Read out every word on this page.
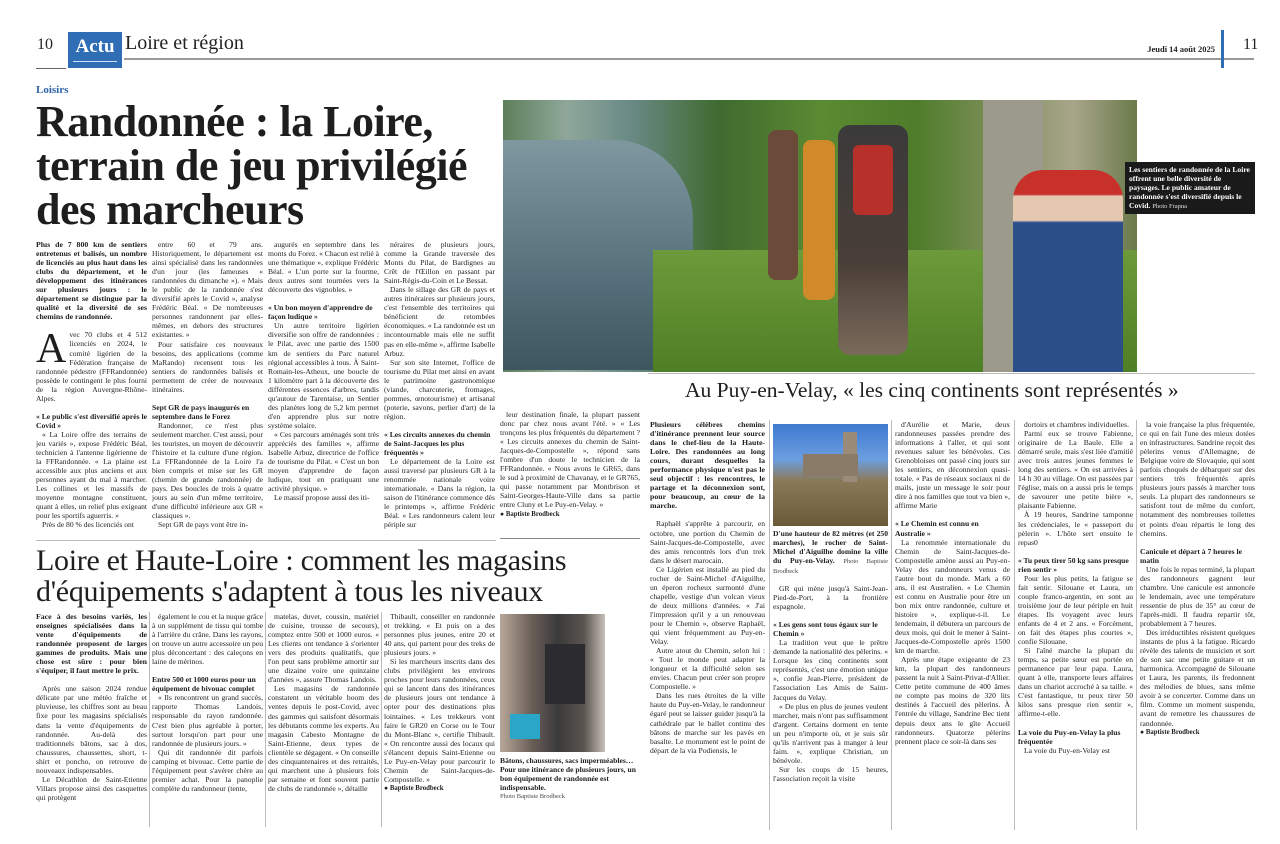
10	Actu Loire et région	Jeudi 14 août 2025 11
Loisirs
Randonnée : la Loire,
terrain de jeu privilégié
des marcheurs
Les sentiers de randonnée de la Loire offrent une belle diversité de paysages. Le public amateur de randonnée s'est diversifié depuis le Covid. Photo Frapna

Plus de 7 800 km de sentiers entretenus et balisés, un nombre de licenciés au plus haut dans les clubs du département, et le développement des itinérances sur plusieurs jours : le département se distingue par la qualité et la diversité de ses chemins de randonnée.

Avec 70 clubs et 4 512 licenciés en 2024, le comité ligérien de la Fédération française de randonnée pédestre (FFRandonnée) possède le contingent le plus fourni de la région Auvergne-Rhône-Alpes.

« Le public s'est diversifié après le Covid »

« La Loire offre des terrains de jeu variés », expose Frédéric Béal, technicien à l'antenne ligérienne de la FFRandonnée. « La plaine est accessible aux plus anciens et aux personnes ayant du mal à marcher. Les collines et les massifs de moyenne montagne constituent, quant à elles, un relief plus exigeant pour les sportifs aguerris. »

Près de 80 % des licenciés ont

entre 60 et 79 ans. Historiquement, le département est ainsi spécialisé dans les randonnées d'un jour (les fameuses « randonnées du dimanche »). « Mais le public de la randonnée s'est diversifié après le Covid », analyse Frédéric Béal. « De nombreuses personnes randonnent par elles-mêmes, en dehors des structures existantes. »

Pour satisfaire ces nouveaux besoins, des applications (comme MaRando) recensent tous les sentiers de randonnées balisés et permettent de créer de nouveaux itinéraires.

Sept GR de pays inaugurés en septembre dans le Forez

Randonner, ce n'est plus seulement marcher. C'est aussi, pour les touristes, un moyen de découvrir l'histoire et la culture d'une région. La FFRandonnée de la Loire l'a bien compris et mise sur les GR (chemin de grande randonnée) de pays. Des boucles de trois à quatre jours au sein d'un même territoire, d'une difficulté inférieure aux GR « classiques ».

Sept GR de pays vont être in-

augurés en septembre dans les monts du Forez. « Chacun est relié à une thématique », explique Frédéric Béal. « L'un porte sur la fourme, deux autres sont tournées vers la découverte des vignobles. »

« Un bon moyen d'apprendre de façon ludique »

Un autre territoire ligérien diversifie son offre de randonnées : le Pilat, avec une partie des 1500 km de sentiers du Parc naturel régional accessibles à tous. À Saint-Romain-les-Atheux, une boucle de 1 kilomètre part à la découverte des différentes essences d'arbres, tandis qu'autour de Tarentaise, un Sentier des planètes long de 5,2 km permet d'en apprendre plus sur notre système solaire.

« Ces parcours aménagés sont très appréciés des familles », affirme Isabelle Arbuz, directrice de l'office de tourisme du Pilat. « C'est un bon moyen d'apprendre de façon ludique, tout en pratiquant une activité physique. »

Le massif propose aussi des iti-

néraires de plusieurs jours, comme la Grande traversée des Monts du Pilat, de Bardignes au Crêt de l'Œillon en passant par Saint-Régis-du-Coin et Le Bessat.

Dans le sillage des GR de pays et autres itinéraires sur plusieurs jours, c'est l'ensemble des territoires qui bénéficient de retombées économiques. « La randonnée est un incontournable mais elle ne suffit pas en elle-même », affirme Isabelle Arbuz.

Sur son site Internet, l'office de tourisme du Pilat met ainsi en avant le patrimoine gastronomique (viande, charcuterie, fromages, pommes, œnotourisme) et artisanal (poterie, savons, perlier d'art) de la région.

« Les circuits annexes du chemin de Saint-Jacques les plus fréquentés »

Le département de la Loire est aussi traversé par plusieurs GR à la renommée nationale voire internationale. « Dans la région, la saison de l'itinérance commence dès le printemps », affirme Frédéric Béal. « Les randonneurs calent leur périple sur

leur destination finale, la plupart passent donc par chez nous avant l'été. » « Les tronçons les plus fréquentés du département ? « Les circuits annexes du chemin de Saint-Jacques-de-Compostelle », répond sans l'ombre d'un doute le technicien de la FFRandonnée. « Nous avons le GR65, dans le sud à proximité de Chavanay, et le GR765, qui passe notamment par Montbrison et Saint-Georges-Haute-Ville dans sa partie entre Cluny et Le Puy-en-Velay. »

● Baptiste Brodbeck

Loire et Haute-Loire : comment les magasins
d'équipements s'adaptent à tous les niveaux

Face à des besoins variés, les enseignes spécialisées dans la vente d'équipements de randonnée proposent de larges gammes de produits. Mais une chose est sûre : pour bien s'équiper, il faut mettre le prix.

Après une saison 2024 rendue délicate par une météo fraîche et pluvieuse, les chiffres sont au beau fixe pour les magasins spécialisés dans la vente d'équipements de randonnée. Au-delà des traditionnels bâtons, sac à dos, chaussures, chaussettes, short, t-shirt et poncho, on retrouve de nouveaux indispensables.

Le Décathlon de Saint-Etienne Villars propose ainsi des casquettes qui protègent

également le cou et la nuque grâce à un supplément de tissu qui tombe à l'arrière du crâne. Dans les rayons, on trouve un autre accessoire un peu plus déconcertant : des caleçons en laine de mérinos.

Entre 500 et 1000 euros pour un équipement de bivouac complet

« Ils rencontrent un grand succès, rapporte Thomas Landois, responsable du rayon randonnée. C'est bien plus agréable à porter, surtout lorsqu'on part pour une randonnée de plusieurs jours. »

Qui dit randonnée dit parfois camping et bivouac. Cette partie de l'équipement peut s'avérer chère au premier achat. Pour la panoplie complète du randonneur (tente,

matelas, duvet, coussin, matériel de cuisine, trousse de secours), comptez entre 500 et 1000 euros. « Les clients ont tendance à s'orienter vers des produits qualitatifs, que l'on peut sans problème amortir sur une dizaine voire une quinzaine d'années », assure Thomas Landois.

Les magasins de randonnée constatent un véritable boom des ventes depuis le post-Covid, avec des gammes qui satisfont désormais les débutants comme les experts. Au magasin Cabesto Montagne de Saint-Etienne, deux types de clientèle se dégagent. « On conseille des cinquantenaires et des retraités, qui marchent une à plusieurs fois par semaine et font souvent partie de clubs de randonnée », détaille

Thibault, conseiller en randonnée et trekking. « Et puis on a des personnes plus jeunes, entre 20 et 40 ans, qui partent pour des treks de plusieurs jours. »

Si les marcheurs inscrits dans des clubs privilégient les environs proches pour leurs randonnées, ceux qui se lancent dans des itinérances de plusieurs jours ont tendance à opter pour des destinations plus lointaines. « Les trekkeurs vont faire le GR20 en Corse ou le Tour du Mont-Blanc », certifie Thibault. « On rencontre aussi des locaux qui s'élancent depuis Saint-Etienne ou Le Puy-en-Velay pour parcourir le Chemin de Saint-Jacques-de-Compostelle. »

● Baptiste Brodbeck

Bâtons, chaussures, sacs imperméables… Pour une itinérance de plusieurs jours, un bon équipement de randonnée est indispensable.
Photo Baptiste Brodbeck
Au Puy-en-Velay, « les cinq continents sont représentés »

Plusieurs célèbres chemins d'itinérance prennent leur source dans le chef-lieu de la Haute-Loire. Des randonnées au long cours, durant desquelles la performance physique n'est pas le seul objectif : les rencontres, le partage et la déconnexion sont, pour beaucoup, au cœur de la marche.

Raphaël s'apprête à parcourir, en octobre, une portion du Chemin de Saint-Jacques-de-Compostelle, avec des amis rencontrés lors d'un trek dans le désert marocain.

Ce Ligérien est installé au pied du rocher de Saint-Michel d'Aiguilhe, un éperon rocheux surmonté d'une chapelle, vestige d'un volcan vieux de deux millions d'années. « J'ai l'impression qu'il y a un renouveau pour le Chemin », observe Raphaël, qui vient fréquemment au Puy-en-Velay.

Autre atout du Chemin, selon lui : « Tout le monde peut adapter la longueur et la difficulté selon ses envies. Chacun peut créer son propre Compostelle. »

Dans les rues étroites de la ville haute du Puy-en-Velay, le randonneur égaré peut se laisser guider jusqu'à la cathédrale par le ballet continu des bâtons de marche sur les pavés en basalte. Le monument est le point de départ de la via Podiensis, le

D'une hauteur de 82 mètres (et 250 marches), le rocher de Saint-Michel d'Aiguilhe domine la ville du Puy-en-Velay. Photo Baptiste Brodbeck

GR qui mène jusqu'à Saint-Jean-Pied-de-Port, à la frontière espagnole.

« Les gens sont tous égaux sur le Chemin »

La tradition veut que le prêtre demande la nationalité des pèlerins. « Lorsque les cinq continents sont représentés, c'est une émotion unique », confie Jean-Pierre, président de l'association Les Amis de Saint-Jacques du Velay.

« De plus en plus de jeunes veulent marcher, mais n'ont pas suffisamment d'argent. Certains dorment en tente un peu n'importe où, et je suis sûr qu'ils n'arrivent pas à manger à leur faim. », explique Christian, un bénévole.

Sur les coups de 15 heures, l'association reçoit la visite

d'Aurélie et Marie, deux randonneuses passées prendre des informations à l'aller, et qui sont revenues saluer les bénévoles. Ces Grenobloises ont passé cinq jours sur les sentiers, en déconnexion quasi-totale. « Pas de réseaux sociaux ni de mails, juste un message le soir pour dire à nos familles que tout va bien », affirme Marie

« Le Chemin est connu en Australie »

La renommée internationale du Chemin de Saint-Jacques-de-Compostelle amène aussi au Puy-en-Velay des randonneurs venus de l'autre bout du monde. Mark a 60 ans, il est Australien. « Le Chemin est connu en Australie pour être un bon mix entre randonnée, culture et histoire », explique-t-il. Le lendemain, il débutera un parcours de deux mois, qui doit le mener à Saint-Jacques-de-Compostelle après 1500 km de marche.

Après une étape exigeante de 23 km, la plupart des randonneurs passent la nuit à Saint-Privat-d'Allier. Cette petite commune de 400 âmes ne compte pas moins de 320 lits destinés à l'accueil des pèlerins. À l'entrée du village, Sandrine Bec tient depuis deux ans le gîte Accueil randonneurs. Quatorze pèlerins prennent place ce soir-là dans ses

dortoirs et chambres individuelles.

Parmi eux se trouve Fabienne, originaire de La Baule. Elle a démarré seule, mais s'est liée d'amitié avec trois autres jeunes femmes le long des sentiers. « On est arrivées à 14 h 30 au village. On est passées par l'église, mais on a aussi pris le temps de savourer une petite bière », plaisante Fabienne.

À 19 heures, Sandrine tamponne les crédenciales, le « passeport du pèlerin ». L'hôte sert ensuite le repas0

« Tu peux tirer 50 kg sans presque rien sentir »

Pour les plus petits, la fatigue se fait sentir. Silouane et Laura, un couple franco-argentin, en sont au troisième jour de leur périple en huit étapes. Ils voyagent avec leurs enfants de 4 et 2 ans. « Forcément, on fait des étapes plus courtes », confie Silouane.

Si l'aîné marche la plupart du temps, sa petite sœur est portée en permanence par leur papa. Laura, quant à elle, transporte leurs affaires dans un chariot accroché à sa taille. « C'est fantastique, tu peux tirer 50 kilos sans presque rien sentir », affirme-t-elle.

La voie du Puy-en-Velay la plus fréquentée

La voie du Puy-en-Velay est

la voie française la plus fréquentée, ce qui en fait l'une des mieux dotées en infrastructures. Sandrine reçoit des pèlerins venus d'Allemagne, de Belgique voire de Slovaquie, qui sont parfois choqués de débarquer sur des sentiers très fréquentés après plusieurs jours passés à marcher tous seuls. La plupart des randonneurs se satisfont tout de même du confort, notamment des nombreuses toilettes et points d'eau répartis le long des chemins.

Canicule et départ à 7 heures le matin

Une fois le repas terminé, la plupart des randonneurs gagnent leur chambre. Une canicule est annoncée le lendemain, avec une température ressentie de plus de 35° au cœur de l'après-midi. Il faudra repartir tôt, probablement à 7 heures.

Des irréductibles résistent quelques instants de plus à la fatigue. Ricardo révèle des talents de musicien et sort de son sac une petite guitare et un harmonica. Accompagné de Silouane et Laura, les parents, ils fredonnent des mélodies de blues, sans même avoir à se concerter. Comme dans un film. Comme un moment suspendu, avant de remettre les chaussures de randonnée.

● Baptiste Brodbeck
